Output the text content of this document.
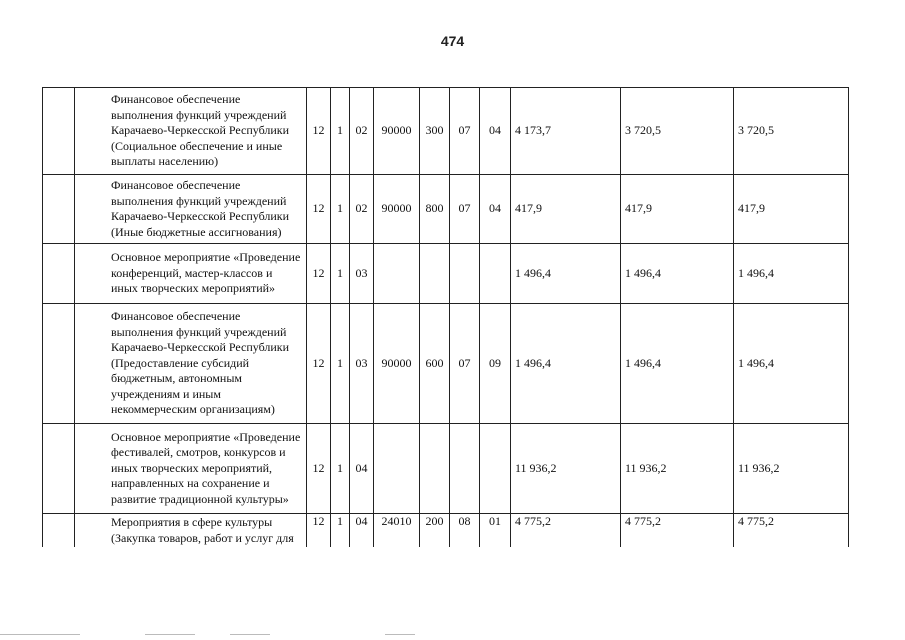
474
	Финансовое обеспечение выполнения функций учреждений Карачаево-Черкесской Республики (Социальное обеспечение и иные выплаты населению)	12	1	02	90000	300	07	04	4 173,7	3 720,5	3 720,5
	Финансовое обеспечение выполнения функций учреждений Карачаево-Черкесской Республики (Иные бюджетные ассигнования)	12	1	02	90000	800	07	04	417,9	417,9	417,9
	Основное мероприятие «Проведение конференций, мастер-классов и иных творческих мероприятий»	12	1	03					1 496,4	1 496,4	1 496,4
	Финансовое обеспечение выполнения функций учреждений Карачаево-Черкесской Республики (Предоставление субсидий бюджетным, автономным учреждениям и иным некоммерческим организациям)	12	1	03	90000	600	07	09	1 496,4	1 496,4	1 496,4
	Основное мероприятие «Проведение фестивалей, смотров, конкурсов и иных творческих мероприятий, направленных на сохранение и развитие традиционной культуры»	12	1	04					11 936,2	11 936,2	11 936,2
	Мероприятия в сфере культуры (Закупка товаров, работ и услуг для	12	1	04	24010	200	08	01	4 775,2	4 775,2	4 775,2
